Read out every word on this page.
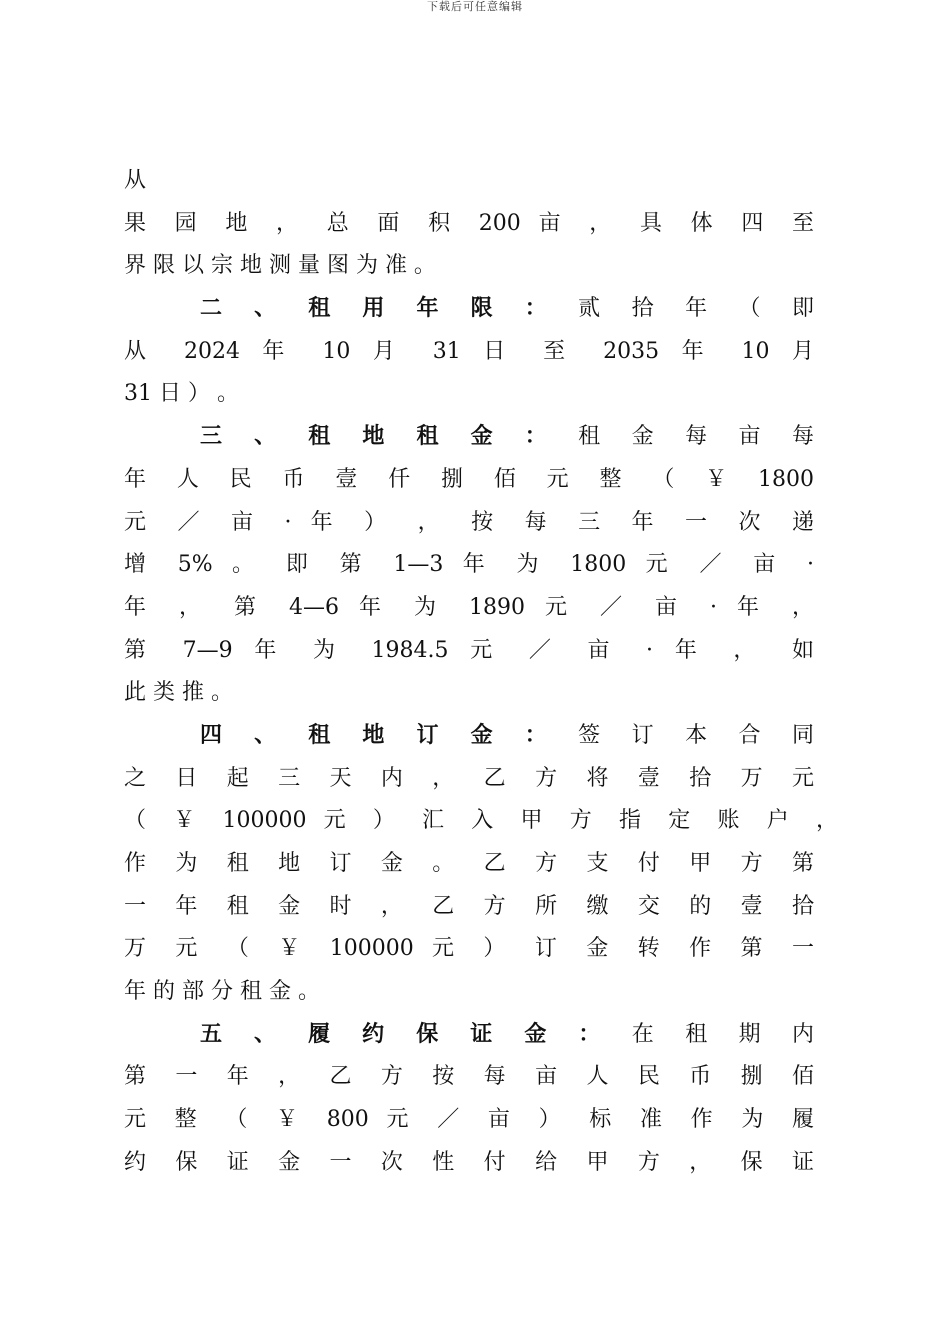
下载后可任意编辑
从
果 园 地 ， 总 面 积 200 亩 ， 具 体 四 至
界 限 以 宗 地 测 量 图 为 准 。
二 、 租 用 年 限 ： 贰 拾 年 （ 即
从 2024 年 10 月 31 日 至 2035 年 10 月
31 日 ） 。
三 、 租 地 租 金 ： 租 金 每 亩 每
年 人 民 币 壹 仟 捌 佰 元 整 （ ￥ 1800
元 ／ 亩 · 年 ） ， 按 每 三 年 一 次 递
增 5% 。 即 第 1—3 年 为 1800 元 ／ 亩 ·
年 ， 第 4—6 年 为 1890 元 ／ 亩 · 年 ，
第 7—9 年 为 1984.5 元 ／ 亩 · 年 ， 如
此 类 推 。
四 、 租 地 订 金 ： 签 订 本 合 同
之 日 起 三 天 内 ， 乙 方 将 壹 拾 万 元
（ ￥ 100000 元 ） 汇 入 甲 方 指 定 账 户 ，
作 为 租 地 订 金 。 乙 方 支 付 甲 方 第
一 年 租 金 时 ， 乙 方 所 缴 交 的 壹 拾
万 元 （ ￥ 100000 元 ） 订 金 转 作 第 一
年 的 部 分 租 金 。
五 、 履 约 保 证 金 ： 在 租 期 内
第 一 年 ， 乙 方 按 每 亩 人 民 币 捌 佰
元 整 （ ￥ 800 元 ／ 亩 ） 标 准 作 为 履
约 保 证 金 一 次 性 付 给 甲 方 ， 保 证
